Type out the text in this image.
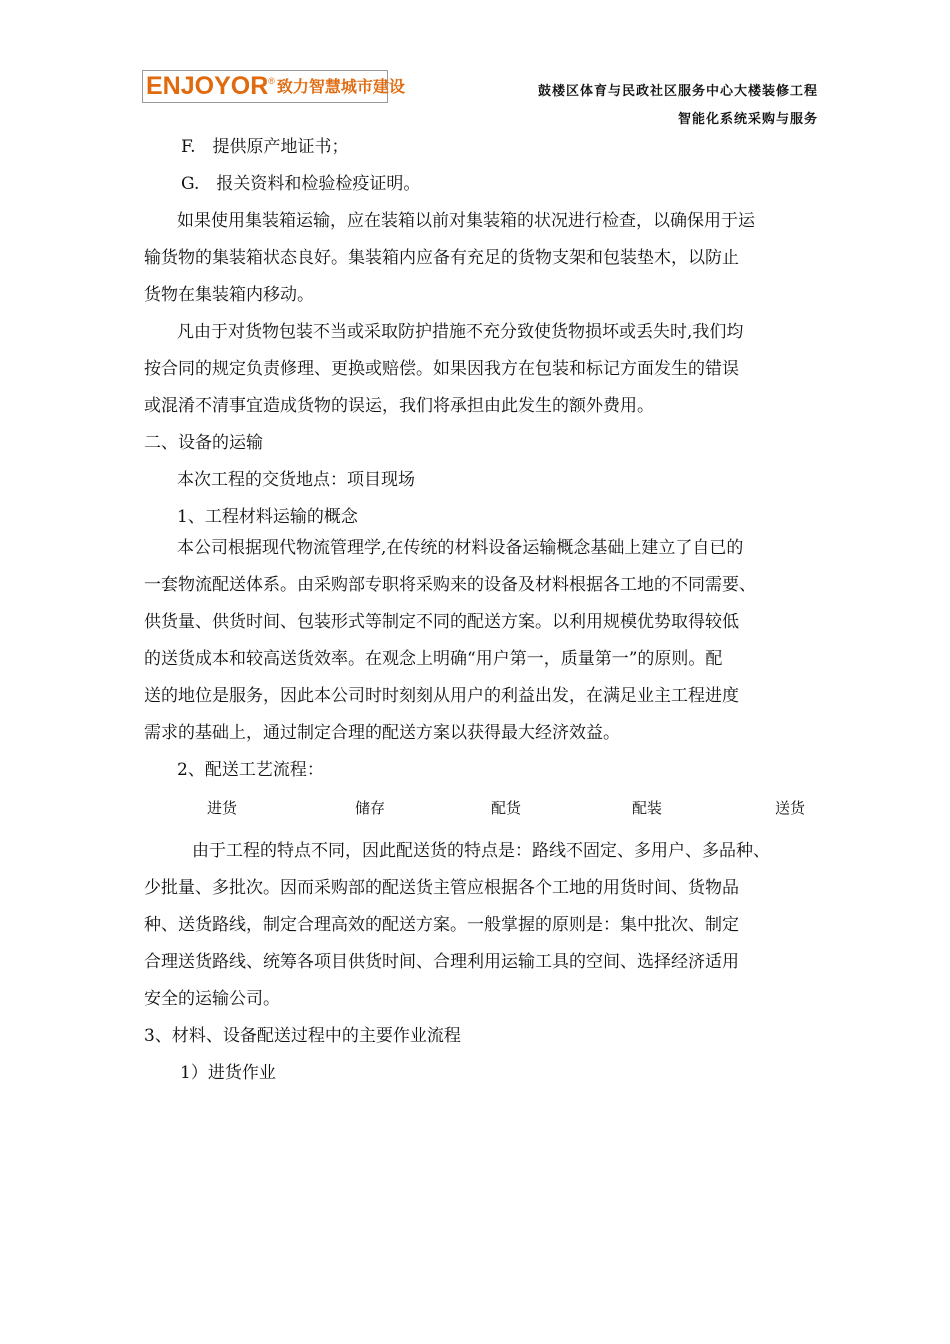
ENJOYOR ® 致力智慧城市建设	鼓楼区体育与民政社区服务中心大楼装修工程
智能化系统采购与服务
F.　提供原产地证书；
G.　报关资料和检验检疫证明。
如果使用集装箱运输，应在装箱以前对集装箱的状况进行检查，以确保用于运
输货物的集装箱状态良好。集装箱内应备有充足的货物支架和包装垫木，以防止
货物在集装箱内移动。
凡由于对货物包装不当或采取防护措施不充分致使货物损坏或丢失时,我们均
按合同的规定负责修理、更换或赔偿。如果因我方在包装和标记方面发生的错误
或混淆不清事宜造成货物的误运，我们将承担由此发生的额外费用。
二、设备的运输
本次工程的交货地点：项目现场
1、工程材料运输的概念
本公司根据现代物流管理学,在传统的材料设备运输概念基础上建立了自已的
一套物流配送体系。由采购部专职将采购来的设备及材料根据各工地的不同需要、
供货量、供货时间、包装形式等制定不同的配送方案。以利用规模优势取得较低
的送货成本和较高送货效率。在观念上明确“用户第一，质量第一”的原则。配
送的地位是服务，因此本公司时时刻刻从用户的利益出发，在满足业主工程进度
需求的基础上，通过制定合理的配送方案以获得最大经济效益。
2、配送工艺流程：
进货	储存	配货	配装	送货
由于工程的特点不同，因此配送货的特点是：路线不固定、多用户、多品种、
少批量、多批次。因而采购部的配送货主管应根据各个工地的用货时间、货物品
种、送货路线，制定合理高效的配送方案。一般掌握的原则是：集中批次、制定
合理送货路线、统筹各项目供货时间、合理利用运输工具的空间、选择经济适用
安全的运输公司。
3、材料、设备配送过程中的主要作业流程
1）进货作业
